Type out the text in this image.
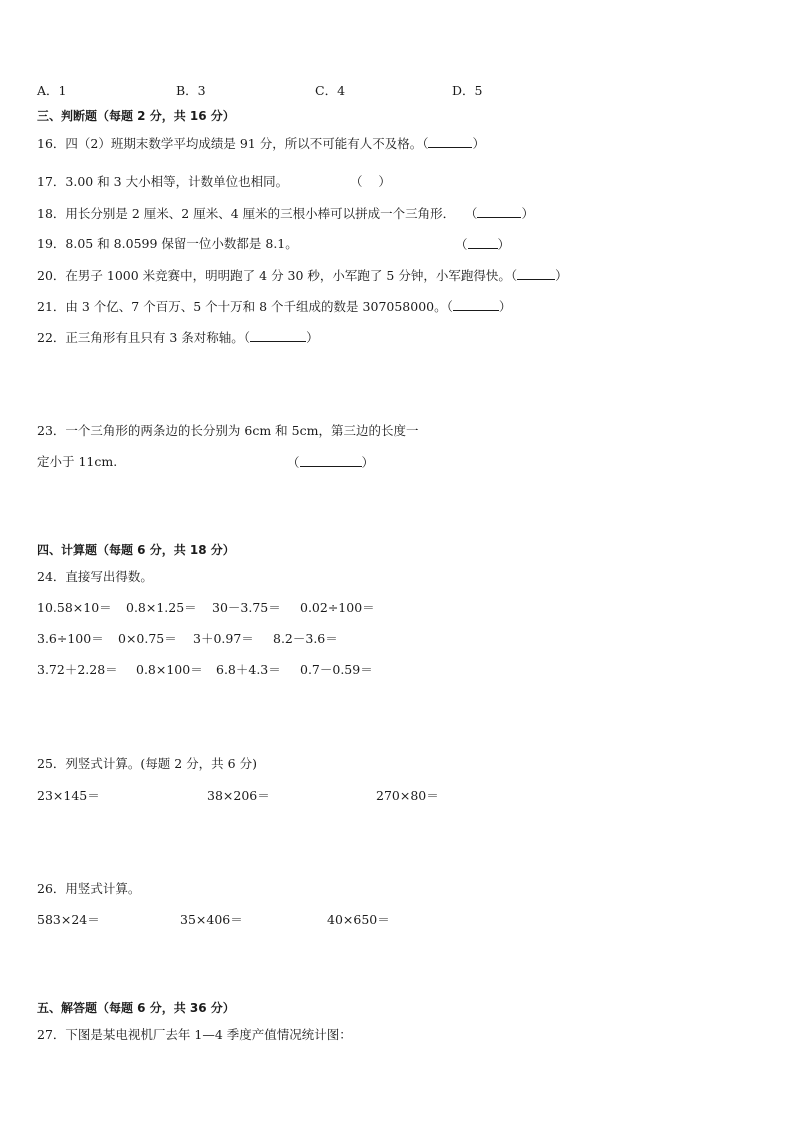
A．1	B．3	C．4	D．5
三、判断题（每题 2 分，共 16 分）
16．四（2）班期末数学平均成绩是 91 分，所以不可能有人不及格。（	）
17．3.00 和 3 大小相等，计数单位也相同。	（    ）
18．用长分别是 2 厘米、2 厘米、4 厘米的三根小棒可以拼成一个三角形． （	）
19．8.05 和 8.0599 保留一位小数都是 8.1。	（ ）
20．在男子 1000 米竞赛中，明明跑了 4 分 30 秒，小军跑了 5 分钟，小军跑得快。（	）
21．由 3 个亿、7 个百万、5 个十万和 8 个千组成的数是 307058000。（	）
22．正三角形有且只有 3 条对称轴。（	）
23．一个三角形的两条边的长分别为 6cm 和 5cm，第三边的长度一
定小于 11cm.	（	）
四、计算题（每题 6 分，共 18 分）
24．直接写出得数。
10.58×10＝ 0.8×1.25＝ 30－3.75＝ 0.02÷100＝
3.6÷100＝ 0×0.75＝ 3＋0.97＝ 8.2－3.6＝
3.72＋2.28＝ 0.8×100＝ 6.8＋4.3＝ 0.7－0.59＝
25．列竖式计算。(每题 2 分，共 6 分)
23×145＝	38×206＝	270×80＝
26．用竖式计算。
583×24＝	35×406＝	40×650＝
五、解答题（每题 6 分，共 36 分）
27．下图是某电视机厂去年 1—4 季度产值情况统计图：
